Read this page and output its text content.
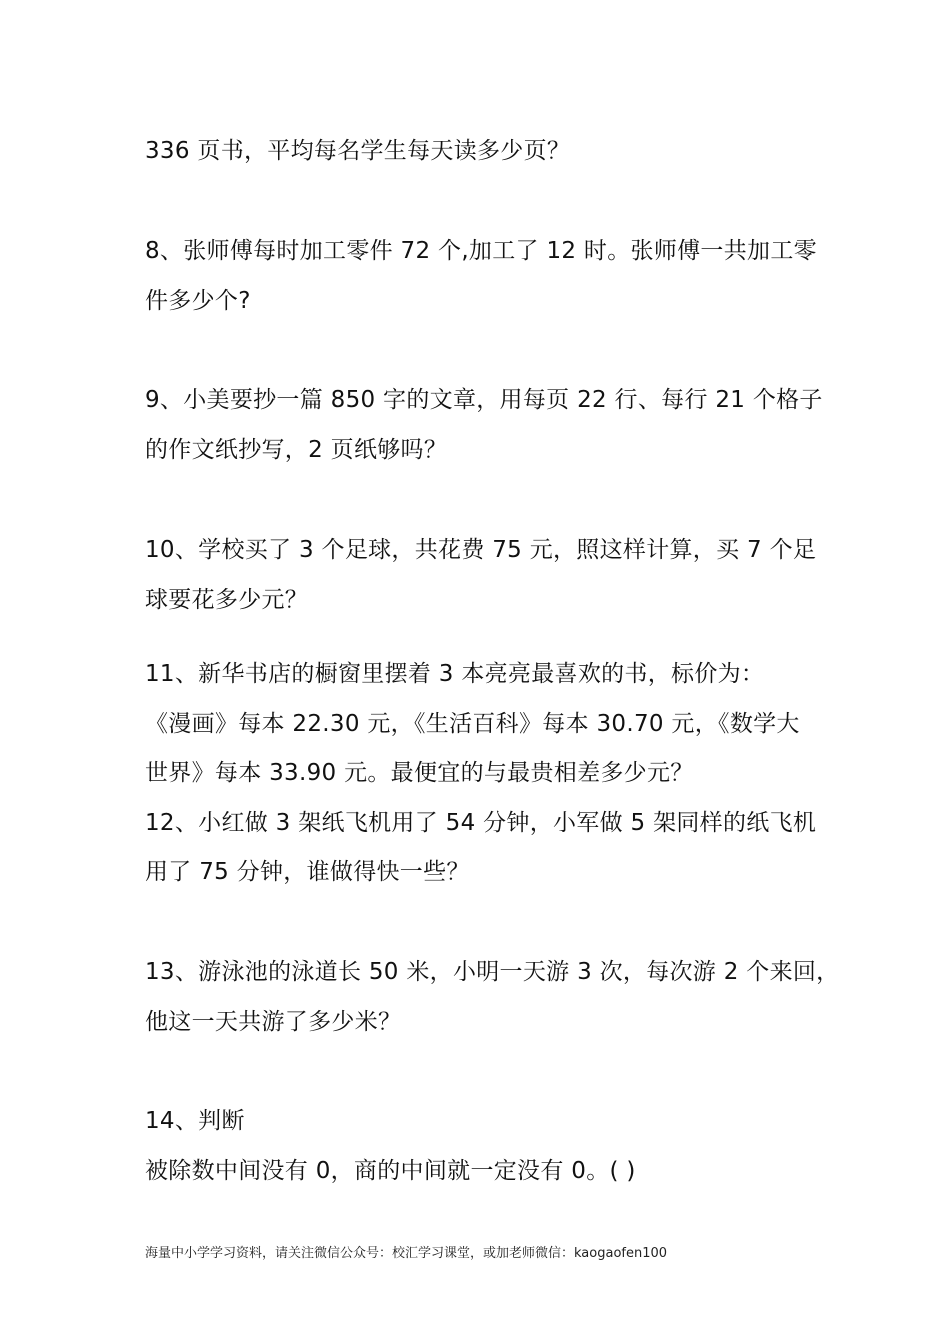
336 页书，平均每名学生每天读多少页？
8、张师傅每时加工零件 72 个,加工了 12 时。张师傅一共加工零
件多少个?
9、小美要抄一篇 850 字的文章，用每页 22 行、每行 21 个格子
的作文纸抄写，2 页纸够吗？
10、学校买了 3 个足球，共花费 75 元，照这样计算，买 7 个足
球要花多少元？
11、新华书店的橱窗里摆着 3 本亮亮最喜欢的书，标价为：
《漫画》每本 22.30 元，《生活百科》每本 30.70 元，《数学大
世界》每本 33.90 元。最便宜的与最贵相差多少元？
12、小红做 3 架纸飞机用了 54 分钟，小军做 5 架同样的纸飞机
用了 75 分钟，谁做得快一些？
13、游泳池的泳道长 50 米，小明一天游 3 次，每次游 2 个来回，
他这一天共游了多少米？
14、判断
被除数中间没有 0，商的中间就一定没有 0。( )
海量中小学学习资料，请关注微信公众号：校汇学习课堂，或加老师微信：kaogaofen100
